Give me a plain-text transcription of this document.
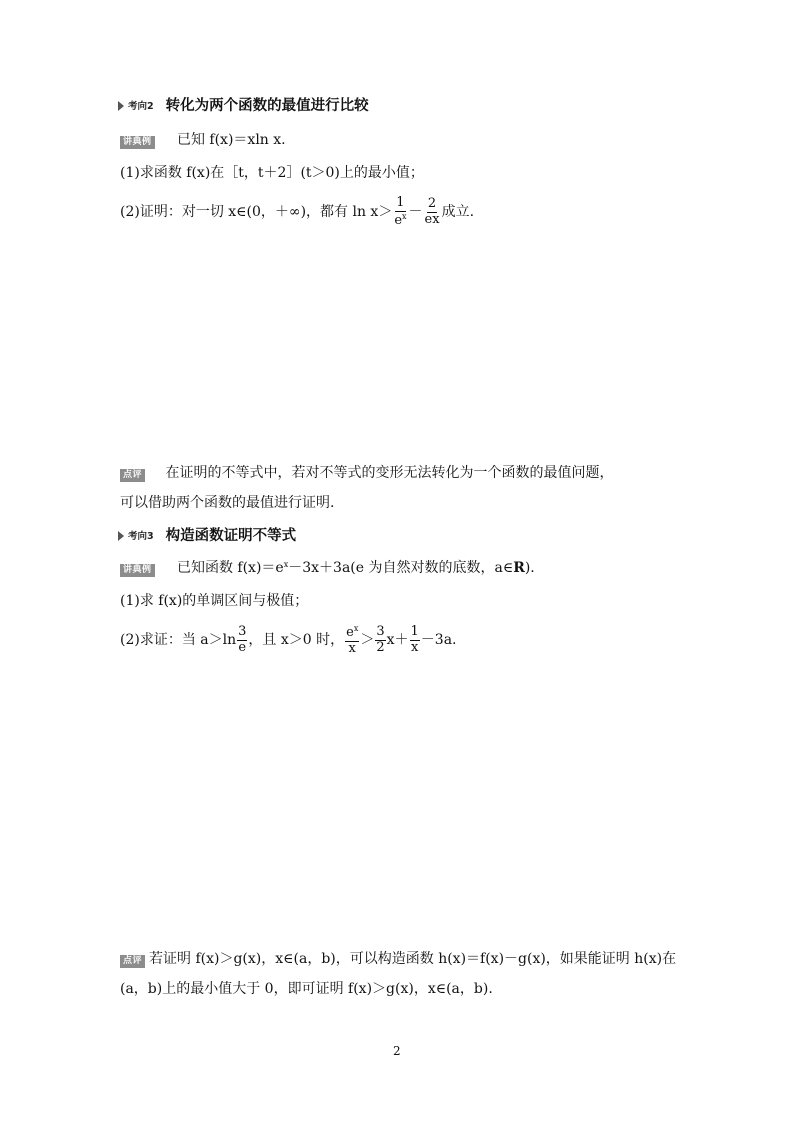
考向2 转化为两个函数的最值进行比较
讲典例 已知 f(x)＝xln x.
(1)求函数 f(x)在［t，t＋2］(t＞0)上的最小值；
(2)证明：对一切 x∈(0，＋∞)，都有 $\ln x> \frac{1}{e^x} - \frac{2}{ex}$ 成立.
点评 在证明的不等式中，若对不等式的变形无法转化为一个函数的最值问题，
可以借助两个函数的最值进行证明.
考向3 构造函数证明不等式
讲典例 已知函数 $f(x)=e^x-3x+3a(e$ 为自然对数的底数，a∈R).
(1)求 f(x)的单调区间与极值；
(2)求证：当 $a>\ln \frac{3}{e}$ ，且 x＞0 时， $\frac{e^x}{x} > \frac{3}{2} x+ \frac{1}{x} -3a$.
点评 若证明 f(x)＞g(x)，x∈(a，b)，可以构造函数 h(x)＝f(x)－g(x)，如果能证明 h(x)在(a，b)上的最小值大于 0，即可证明 f(x)＞g(x)，x∈(a，b).
2
